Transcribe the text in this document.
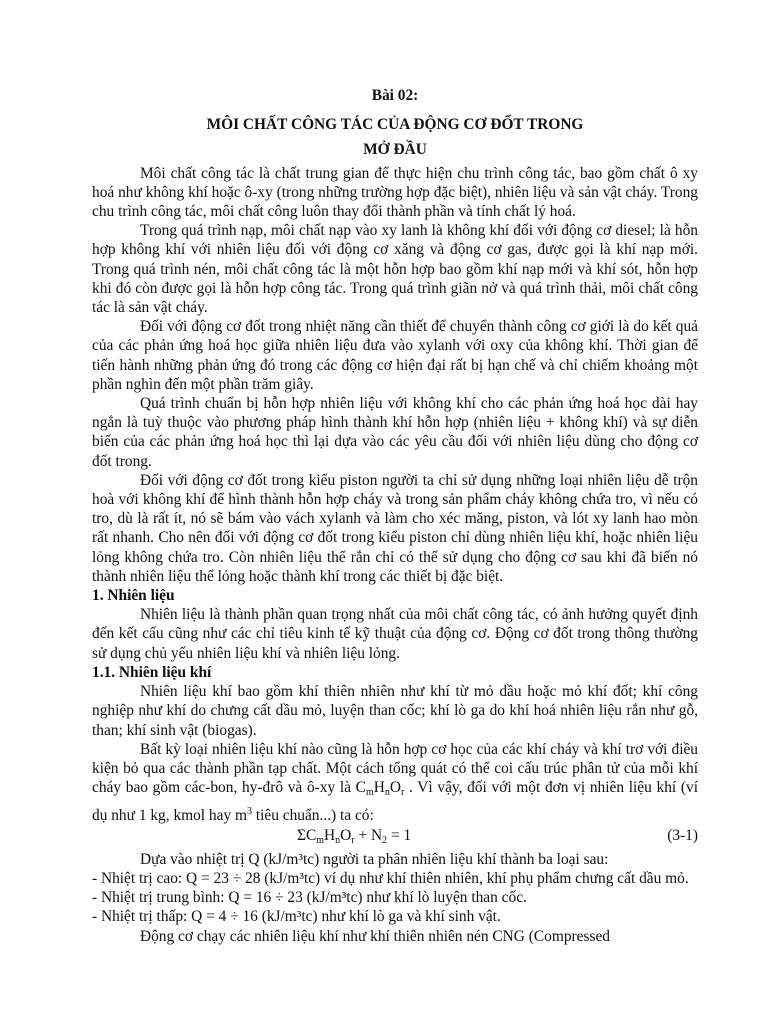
Bài 02:
MÔI CHẤT CÔNG TÁC CỦA ĐỘNG CƠ ĐỐT TRONG
MỞ ĐẦU

Môi chất công tác là chất trung gian để thực hiện chu trình công tác, bao gồm chất ô xy hoá như không khí hoặc ô-xy (trong những trường hợp đặc biệt), nhiên liệu và sản vật cháy. Trong chu trình công tác, môi chất công luôn thay đổi thành phần và tính chất lý hoá.

Trong quá trình nạp, môi chất nạp vào xy lanh là không khí đối với động cơ diesel; là hỗn hợp không khí với nhiên liệu đối với động cơ xăng và động cơ gas, được gọi là khí nạp mới. Trong quá trình nén, môi chất công tác là một hỗn hợp bao gồm khí nạp mới và khí sót, hỗn hợp khi đó còn được gọi là hỗn hợp công tác. Trong quá trình giãn nở và quá trình thải, môi chất công tác là sản vật cháy.

Đối với động cơ đốt trong nhiệt năng cần thiết để chuyển thành công cơ giới là do kết quả của các phản ứng hoá học giữa nhiên liệu đưa vào xylanh với oxy của không khí. Thời gian để tiến hành những phản ứng đó trong các động cơ hiện đại rất bị hạn chế và chỉ chiếm khoảng một phần nghìn đến một phần trăm giây.

Quá trình chuẩn bị hỗn hợp nhiên liệu với không khí cho các phản ứng hoá học dài hay ngắn là tuỳ thuộc vào phương pháp hình thành khí hỗn hợp (nhiên liệu + không khí) và sự diễn biến của các phản ứng hoá học thì lại dựa vào các yêu cầu đối với nhiên liệu dùng cho động cơ đốt trong.

Đối với động cơ đốt trong kiểu piston người ta chỉ sử dụng những loại nhiên liệu dễ trộn hoà với không khí để hình thành hỗn hợp cháy và trong sản phẩm cháy không chứa tro, vì nếu có tro, dù là rất ít, nó sẽ bám vào vách xylanh và làm cho xéc măng, piston, và lót xy lanh hao mòn rất nhanh. Cho nên đối với động cơ đốt trong kiểu piston chỉ dùng nhiên liệu khí, hoặc nhiên liệu lỏng không chứa tro. Còn nhiên liệu thể rắn chỉ có thể sử dụng cho động cơ sau khi đã biến nó thành nhiên liệu thể lỏng hoặc thành khí trong các thiết bị đặc biệt.

1. Nhiên liệu

Nhiên liệu là thành phần quan trọng nhất của môi chất công tác, có ảnh hưởng quyết định đến kết cấu cũng như các chỉ tiêu kinh tế kỹ thuật của động cơ. Động cơ đốt trong thông thường sử dụng chủ yếu nhiên liệu khí và nhiên liệu lỏng.

1.1. Nhiên liệu khí

Nhiên liệu khí bao gồm khí thiên nhiên như khí từ mỏ dầu hoặc mỏ khí đốt; khí công nghiệp như khí do chưng cất dầu mỏ, luyện than cốc; khí lò ga do khí hoá nhiên liệu rắn như gỗ, than; khí sinh vật (biogas).

Bất kỳ loại nhiên liệu khí nào cũng là hỗn hợp cơ học của các khí cháy và khí trơ với điều kiện bỏ qua các thành phần tạp chất. Một cách tổng quát có thể coi cấu trúc phân tử của mỗi khí cháy bao gồm các-bon, hy-đrô và ô-xy là $C_mH_nO_r$ . Vì vậy, đối với một đơn vị nhiên liệu khí (ví dụ như 1 kg, kmol hay $m^3$ tiêu chuẩn...) ta có:

$\Sigma C_mH_nO_r + N_2 = 1$	(3-1)

Dựa vào nhiệt trị Q (kJ/m³tc) người ta phân nhiên liệu khí thành ba loại sau:

- Nhiệt trị cao: Q = 23 ÷ 28 (kJ/m³tc) ví dụ như khí thiên nhiên, khí phụ phẩm chưng cất dầu mỏ.

- Nhiệt trị trung bình: Q = 16 ÷ 23 (kJ/m³tc) như khí lò luyện than cốc.

- Nhiệt trị thấp: Q = 4 ÷ 16 (kJ/m³tc) như khí lò ga và khí sinh vật.

Động cơ chạy các nhiên liệu khí như khí thiên nhiên nén CNG (Compressed
